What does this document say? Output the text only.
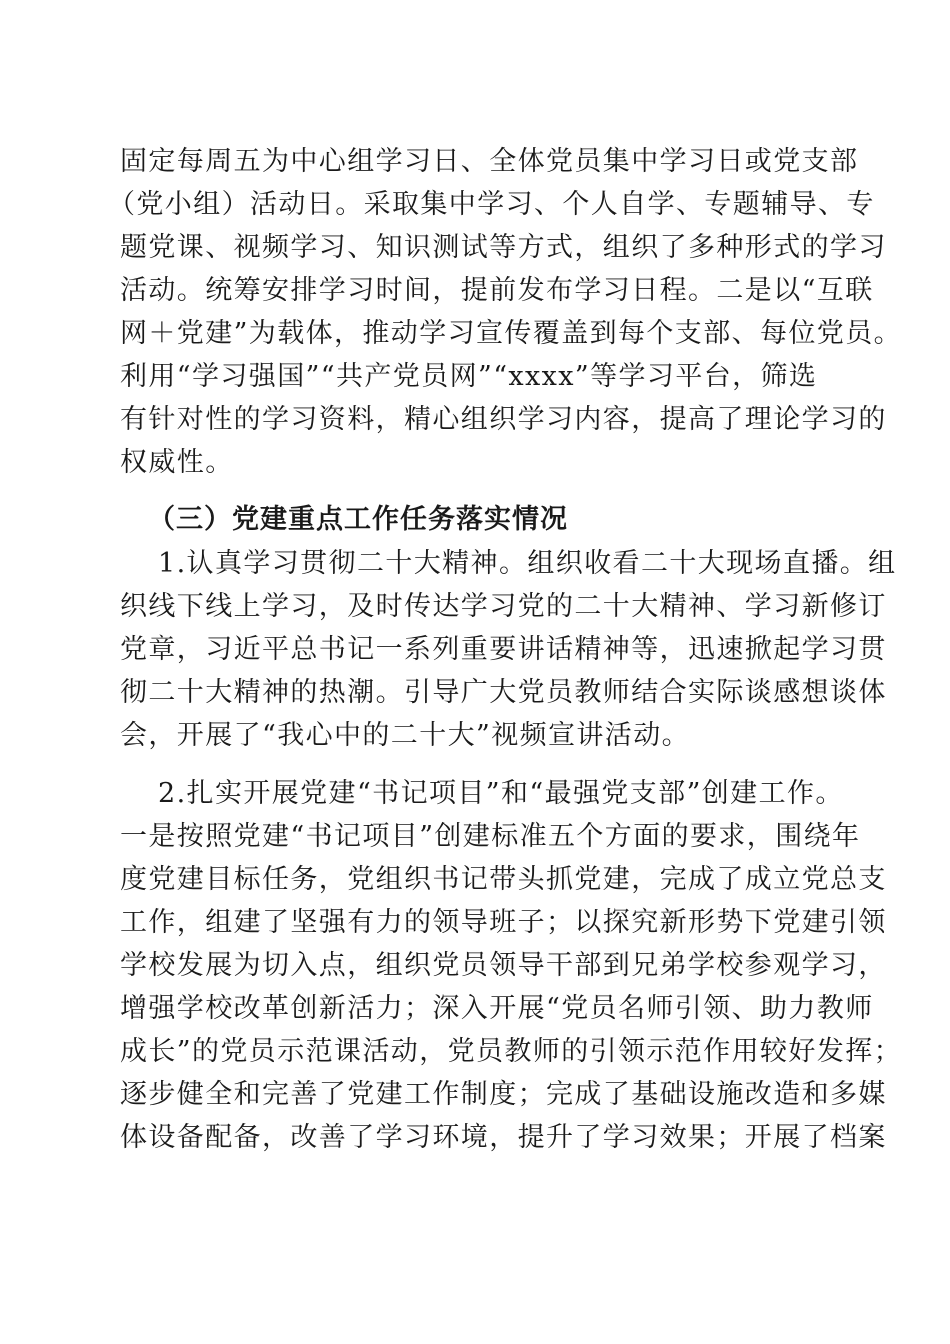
固定每周五为中心组学习日、全体党员集中学习日或党支部
（党小组）活动日。采取集中学习、个人自学、专题辅导、专
题党课、视频学习、知识测试等方式，组织了多种形式的学习
活动。统筹安排学习时间，提前发布学习日程。二是以“互联
网＋党建”为载体，推动学习宣传覆盖到每个支部、每位党员。
利用“学习强国”“共产党员网”“xxxx”等学习平台，筛选
有针对性的学习资料，精心组织学习内容，提高了理论学习的
权威性。
（三）党建重点工作任务落实情况
1.认真学习贯彻二十大精神。组织收看二十大现场直播。组
织线下线上学习，及时传达学习党的二十大精神、学习新修订
党章，习近平总书记一系列重要讲话精神等，迅速掀起学习贯
彻二十大精神的热潮。引导广大党员教师结合实际谈感想谈体
会，开展了“我心中的二十大”视频宣讲活动。
2.扎实开展党建“书记项目”和“最强党支部”创建工作。
一是按照党建“书记项目”创建标准五个方面的要求，围绕年
度党建目标任务，党组织书记带头抓党建，完成了成立党总支
工作，组建了坚强有力的领导班子；以探究新形势下党建引领
学校发展为切入点，组织党员领导干部到兄弟学校参观学习，
增强学校改革创新活力；深入开展“党员名师引领、助力教师
成长”的党员示范课活动，党员教师的引领示范作用较好发挥；
逐步健全和完善了党建工作制度；完成了基础设施改造和多媒
体设备配备，改善了学习环境，提升了学习效果；开展了档案
